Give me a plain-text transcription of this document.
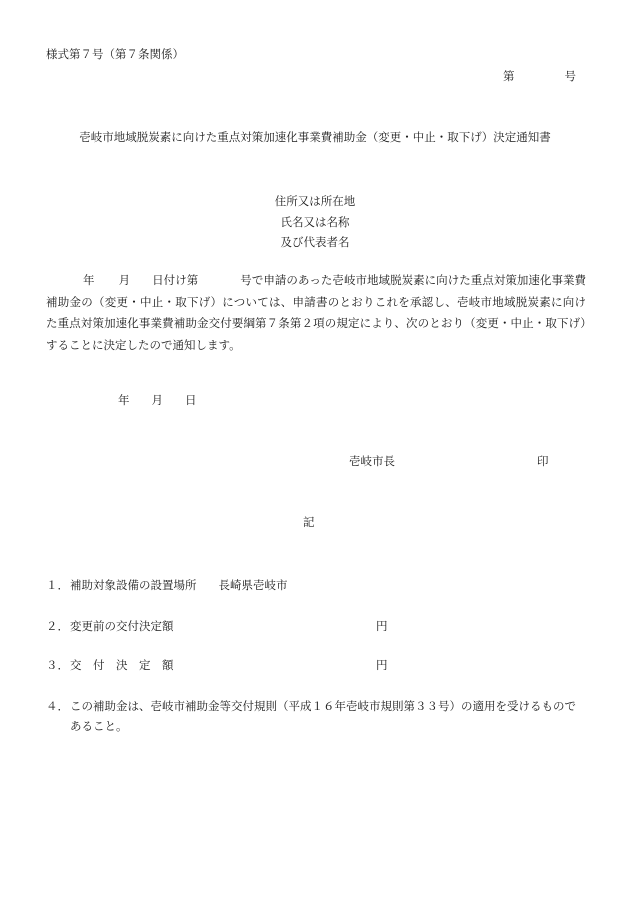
様式第７号（第７条関係）
第	号
壱岐市地域脱炭素に向けた重点対策加速化事業費補助金（変更・中止・取下げ）決定通知書
住所又は所在地
氏名又は名称
及び代表者名
年 月 日付け第	号で申請のあった壱岐市地域脱炭素に向けた重点対策加速化事業費補助金の（変更・中止・取下げ）については、申請書のとおりこれを承認し、壱岐市地域脱炭素に向けた重点対策加速化事業費補助金交付要綱第７条第２項の規定により、次のとおり（変更・中止・取下げ）することに決定したので通知します。
年 月 日
壱岐市長	印
記
１．補助対象設備の設置場所 長崎県壱岐市
２．変更前の交付決定額	円
３．交　付　決　定　額	円
４．この補助金は、壱岐市補助金等交付規則（平成１６年壱岐市規則第３３号）の適用を受けるもので
あること。
